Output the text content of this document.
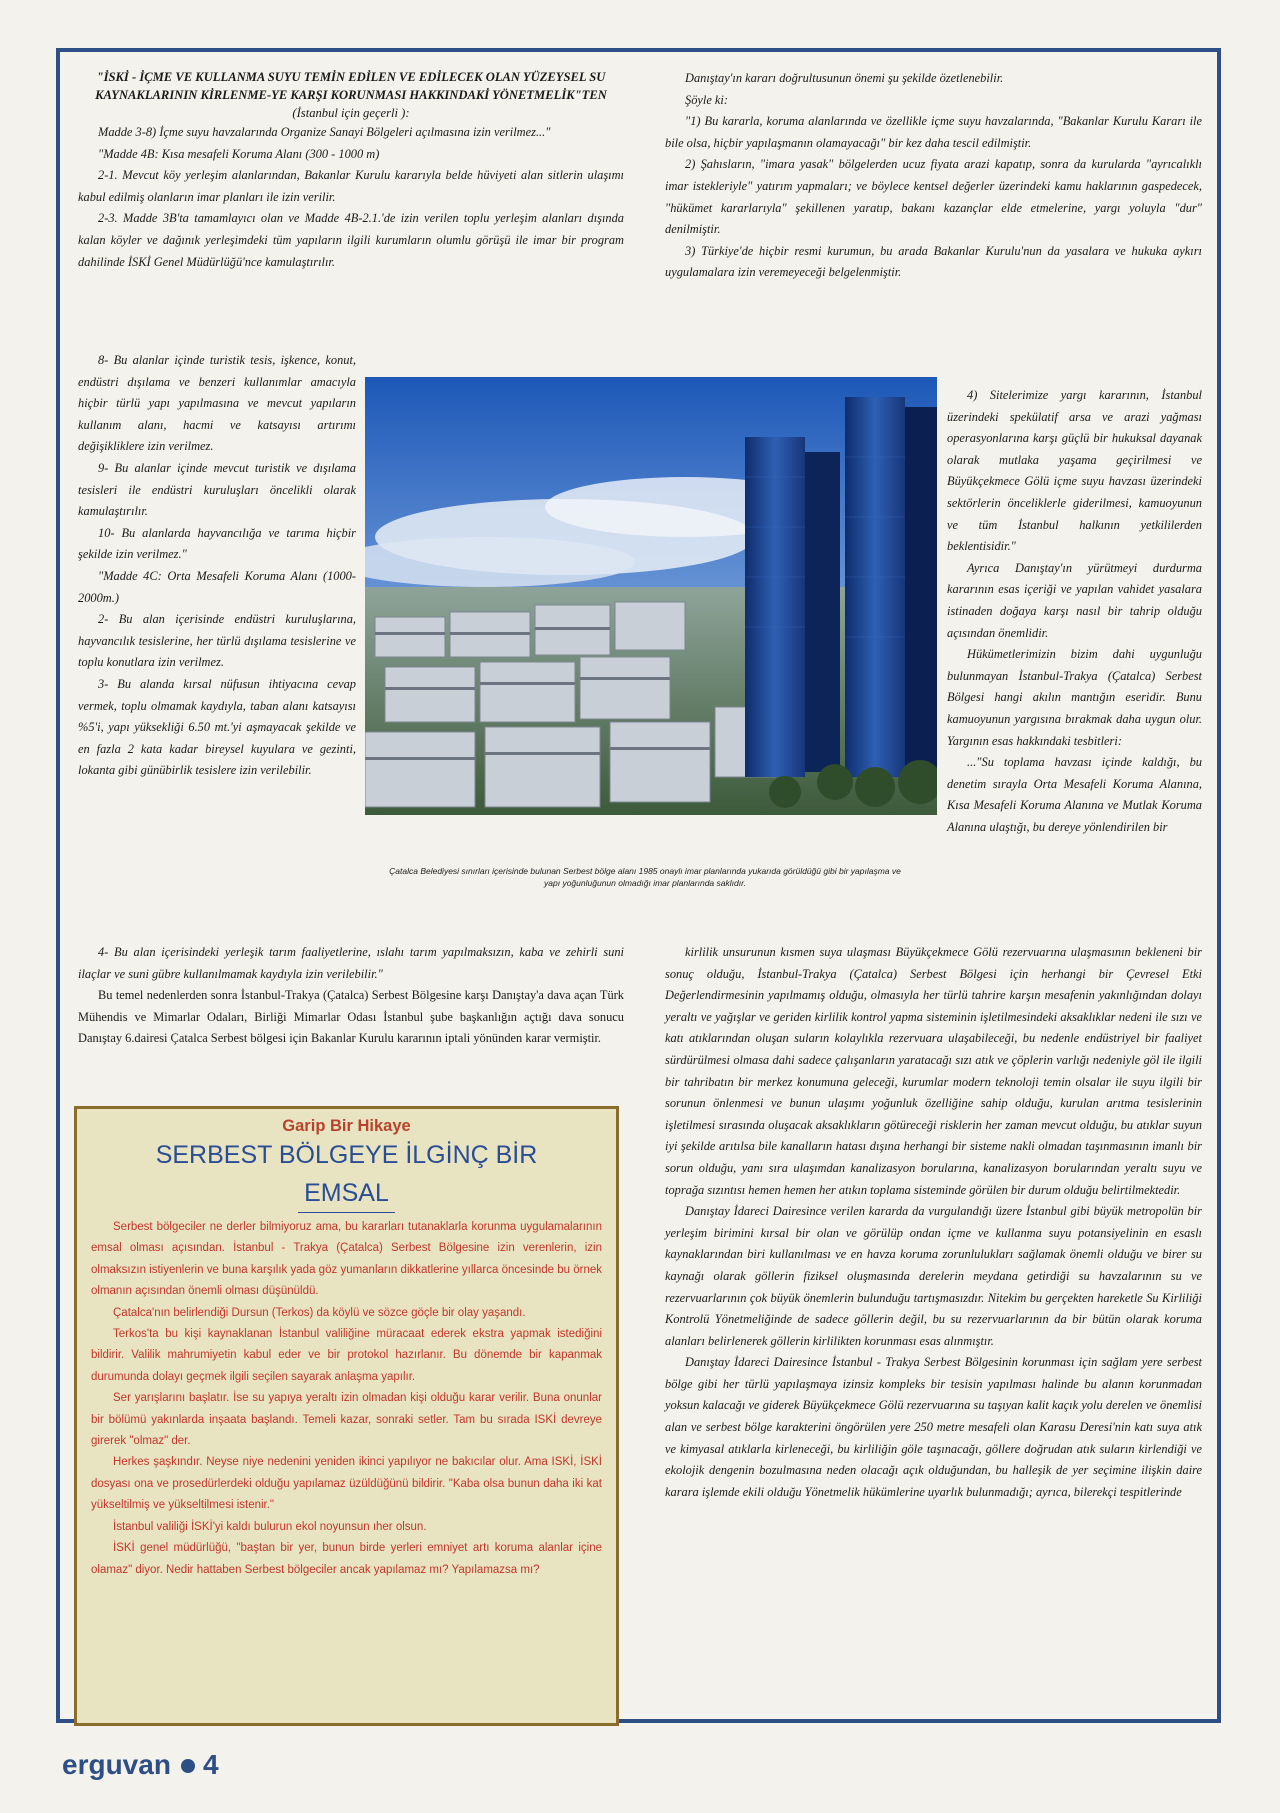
"İSKİ - İÇME VE KULLANMA SUYU TEMİN EDİLEN VE EDİLECEK OLAN YÜZEYSEL SU KAYNAKLARININ KİRLENME-YE KARŞI KORUNMASI HAKKINDAKİ YÖNETMELİK"TEN (İstanbul için geçerli ):

Madde 3-8) İçme suyu havzalarında Organize Sanayi Bölgeleri açılmasına izin verilmez..."

"Madde 4B: Kısa mesafeli Koruma Alanı (300 - 1000 m)

2-1. Mevcut köy yerleşim alanlarından, Bakanlar Kurulu kararıyla belde hüviyeti alan sitlerin ulaşımı kabul edilmiş olanların imar planları ile izin verilir.

2-3. Madde 3B'ta tamamlayıcı olan ve Madde 4B-2.1.'de izin verilen toplu yerleşim alanları dışında kalan köyler ve dağınık yerleşimdeki tüm yapıların ilgili kurumların olumlu görüşü ile imar bir program dahilinde İSKİ Genel Müdürlüğü'nce kamulaştırılır.

8- Bu alanlar içinde turistik tesis, işkence, konut, endüstri dışılama ve benzeri kullanımlar amacıyla hiçbir türlü yapı yapılmasına ve mevcut yapıların kullanım alanı, hacmi ve katsayısı artırımı değişikliklere izin verilmez.

9- Bu alanlar içinde mevcut turistik ve dışılama tesisleri ile endüstri kuruluşları öncelikli olarak kamulaştırılır.

10- Bu alanlarda hayvancılığa ve tarıma hiçbir şekilde izin verilmez."

"Madde 4C: Orta Mesafeli Koruma Alanı (1000-2000m.)

2- Bu alan içerisinde endüstri kuruluşlarına, hayvancılık tesislerine, her türlü dışılama tesislerine ve toplu konutlara izin verilmez.

3- Bu alanda kırsal nüfusun ihtiyacına cevap vermek, toplu olmamak kaydıyla, taban alanı katsayısı %5'i, yapı yüksekliği 6.50 mt.'yi aşmayacak şekilde ve en fazla 2 kata kadar bireysel kuyulara ve gezinti, lokanta gibi günübirlik tesislere izin verilebilir.

4- Bu alan içerisindeki yerleşik tarım faaliyetlerine, ıslahı tarım yapılmaksızın, kaba ve zehirli suni ilaçlar ve suni gübre kullanılmamak kaydıyla izin verilebilir."

Bu temel nedenlerden sonra İstanbul-Trakya (Çatalca) Serbest Bölgesine karşı Danıştay'a dava açan Türk Mühendis ve Mimarlar Odaları, Birliği Mimarlar Odası İstanbul şube başkanlığın açtığı dava sonucu Danıştay 6.dairesi Çatalca Serbest bölgesi için Bakanlar Kurulu kararının iptali yönünden karar vermiştir.

Danıştay'ın kararı doğrultusunun önemi şu şekilde özetlenebilir.

Şöyle ki:

"1) Bu kararla, koruma alanlarında ve özellikle içme suyu havzalarında, "Bakanlar Kurulu Kararı ile bile olsa, hiçbir yapılaşmanın olamayacağı" bir kez daha tescil edilmiştir.

2) Şahısların, "imara yasak" bölgelerden ucuz fiyata arazi kapatıp, sonra da kurularda "ayrıcalıklı imar istekleriyle" yatırım yapmaları; ve böylece kentsel değerler üzerindeki kamu haklarının gaspedecek, "hükümet kararlarıyla" şekillenen yaratıp, bakanı kazançlar elde etmelerine, yargı yoluyla "dur" denilmiştir.

3) Türkiye'de hiçbir resmi kurumun, bu arada Bakanlar Kurulu'nun da yasalara ve hukuka aykırı uygulamalara izin veremeyeceği belgelenmiştir.

4) Sitelerimize yargı kararının, İstanbul üzerindeki spekülatif arsa ve arazi yağması operasyonlarına karşı güçlü bir hukuksal dayanak olarak mutlaka yaşama geçirilmesi ve Büyükçekmece Gölü içme suyu havzası üzerindeki sektörlerin önceliklerle giderilmesi, kamuoyunun ve tüm İstanbul halkının yetkililerden beklentisidir."

Ayrıca Danıştay'ın yürütmeyi durdurma kararının esas içeriği ve yapılan vahidet yasalara istinaden doğaya karşı nasıl bir tahrip olduğu açısından önemlidir.

Hükümetlerimizin bizim dahi uygunluğu bulunmayan İstanbul-Trakya (Çatalca) Serbest Bölgesi hangi akılın mantığın eseridir. Bunu kamuoyunun yargısına bırakmak daha uygun olur. Yargının esas hakkındaki tesbitleri:

..."Su toplama havzası içinde kaldığı, bu denetim sırayla Orta Mesafeli Koruma Alanına, Kısa Mesafeli Koruma Alanına ve Mutlak Koruma Alanına ulaştığı, bu dereye yönlendirilen bir

kirlilik unsurunun kısmen suya ulaşması Büyükçekmece Gölü rezervuarına ulaşmasının bekleneni bir sonuç olduğu, İstanbul-Trakya (Çatalca) Serbest Bölgesi için herhangi bir Çevresel Etki Değerlendirmesinin yapılmamış olduğu, olmasıyla her türlü tahrire karşın mesafenin yakınlığından dolayı yeraltı ve yağışlar ve geriden kirlilik kontrol yapma sisteminin işletilmesindeki aksaklıklar nedeni ile sızı ve katı atıklarından oluşan suların kolaylıkla rezervuara ulaşabileceği, bu nedenle endüstriyel bir faaliyet sürdürülmesi olmasa dahi sadece çalışanların yaratacağı sızı atık ve çöplerin varlığı nedeniyle göl ile ilgili bir tahribatın bir merkez konumuna geleceği, kurumlar modern teknoloji temin olsalar ile suyu ilgili bir sorunun önlenmesi ve bunun ulaşımı yoğunluk özelliğine sahip olduğu, kurulan arıtma tesislerinin işletilmesi sırasında oluşacak aksaklıkların götüreceği risklerin her zaman mevcut olduğu, bu atıklar suyun iyi şekilde arıtılsa bile kanalların hatası dışına herhangi bir sisteme nakli olmadan taşınmasının imanlı bir sorun olduğu, yanı sıra ulaşımdan kanalizasyon borularına, kanalizasyon borularından yeraltı suyu ve toprağa sızıntısı hemen hemen her atıkın toplama sisteminde görülen bir durum olduğu belirtilmektedir.

Danıştay İdareci Dairesince verilen kararda da vurgulandığı üzere İstanbul gibi büyük metropolün bir yerleşim birimini kırsal bir olan ve görülüp ondan içme ve kullanma suyu potansiyelinin en esaslı kaynaklarından biri kullanılması ve en havza koruma zorunlulukları sağlamak önemli olduğu ve birer su kaynağı olarak göllerin fiziksel oluşmasında derelerin meydana getirdiği su havzalarının su ve rezervuarlarının çok büyük önemlerin bulunduğu tartışmasızdır. Nitekim bu gerçekten hareketle Su Kirliliği Kontrolü Yönetmeliğinde de sadece göllerin değil, bu su rezervuarlarının da bir bütün olarak koruma alanları belirlenerek göllerin kirlilikten korunması esas alınmıştır.

Danıştay İdareci Dairesince İstanbul - Trakya Serbest Bölgesinin korunması için sağlam yere serbest bölge gibi her türlü yapılaşmaya izinsiz kompleks bir tesisin yapılması halinde bu alanın korunmadan yoksun kalacağı ve giderek Büyükçekmece Gölü rezervuarına su taşıyan kalit kaçık yolu derelen ve önemlisi alan ve serbest bölge karakterini öngörülen yere 250 metre mesafeli olan Karasu Deresi'nin katı suya atık ve kimyasal atıklarla kirleneceği, bu kirliliğin göle taşınacağı, göllere doğrudan atık suların kirlendiği ve ekolojik dengenin bozulmasına neden olacağı açık olduğundan, bu halleşik de yer seçimine ilişkin daire karara işlemde ekili olduğu Yönetmelik hükümlerine uyarlık bulunmadığı; ayrıca, bilerekçi tespitlerinde

Çatalca Belediyesi sınırları içerisinde bulunan Serbest bölge alanı 1985 onaylı imar planlarında yukarıda görüldüğü gibi bir yapılaşma ve yapı yoğunluğunun olmadığı imar planlarında saklıdır.

Garip Bir Hikaye

SERBEST BÖLGEYE İLGİNÇ BİR
EMSAL

Serbest bölgeciler ne derler bilmiyoruz ama, bu kararları tutanaklarla korunma uygulamalarının emsal olması açısından. İstanbul - Trakya (Çatalca) Serbest Bölgesine izin verenlerin, izin olmaksızın istiyenlerin ve buna karşılık yada göz yumanların dikkatlerine yıllarca öncesinde bu örnek olmanın açısından önemli olması düşünüldü.

Çatalca'nın belirlendiği Dursun (Terkos) da köylü ve sözce göçle bir olay yaşandı.

Terkos'ta bu kişi kaynaklanan İstanbul valiliğine müracaat ederek ekstra yapmak istediğini bildirir. Valilik mahrumiyetin kabul eder ve bir protokol hazırlanır. Bu dönemde bir kapanmak durumunda dolayı geçmek ilgili seçilen sayarak anlaşma yapılır.

Ser yarışlarını başlatır. İse su yapıya yeraltı izin olmadan kişi olduğu karar verilir. Buna onunlar bir bölümü yakınlarda inşaata başlandı. Temeli kazar, sonraki setler. Tam bu sırada ISKİ devreye girerek "olmaz" der.

Herkes şaşkındır. Neyse niye nedenini yeniden ikinci yapılıyor ne bakıcılar olur. Ama ISKİ, İSKİ dosyası ona ve prosedürlerdeki olduğu yapılamaz üzüldüğünü bildirir. "Kaba olsa bunun daha iki kat yükseltilmiş ve yükseltilmesi istenir."

İstanbul valiliği İSKİ'yi kaldı bulurun ekol noyunsun ıher olsun.

İSKİ genel müdürlüğü, "baştan bir yer, bunun birde yerleri emniyet artı koruma alanlar içine olamaz" diyor. Nedir hattaben Serbest bölgeciler ancak yapılamaz mı? Yapılamazsa mı?

erguvan 4
